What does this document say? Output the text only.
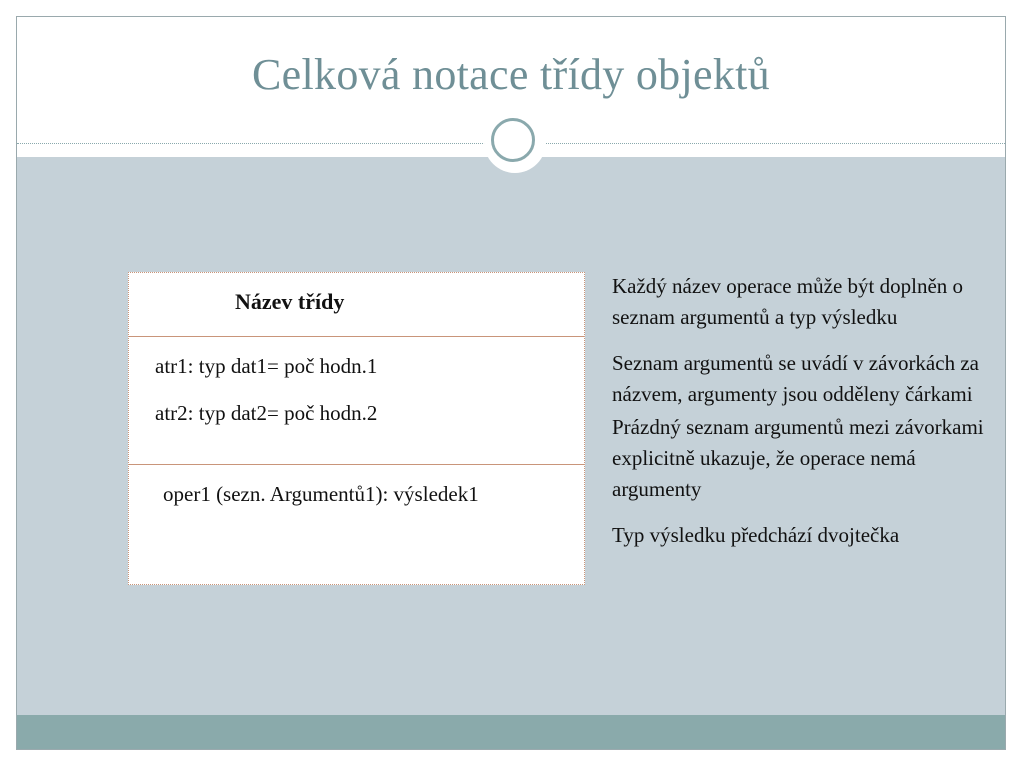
Celková notace třídy objektů
Název třídy
atr1: typ dat1= poč hodn.1
atr2: typ dat2= poč hodn.2
oper1 (sezn. Argumentů1): výsledek1

Každý název operace může být doplněn o seznam argumentů a typ výsledku

Seznam argumentů se uvádí v závorkách za názvem, argumenty jsou odděleny čárkami

Prázdný seznam argumentů mezi závorkami explicitně ukazuje, že operace nemá argumenty

Typ výsledku předchází dvojtečka
